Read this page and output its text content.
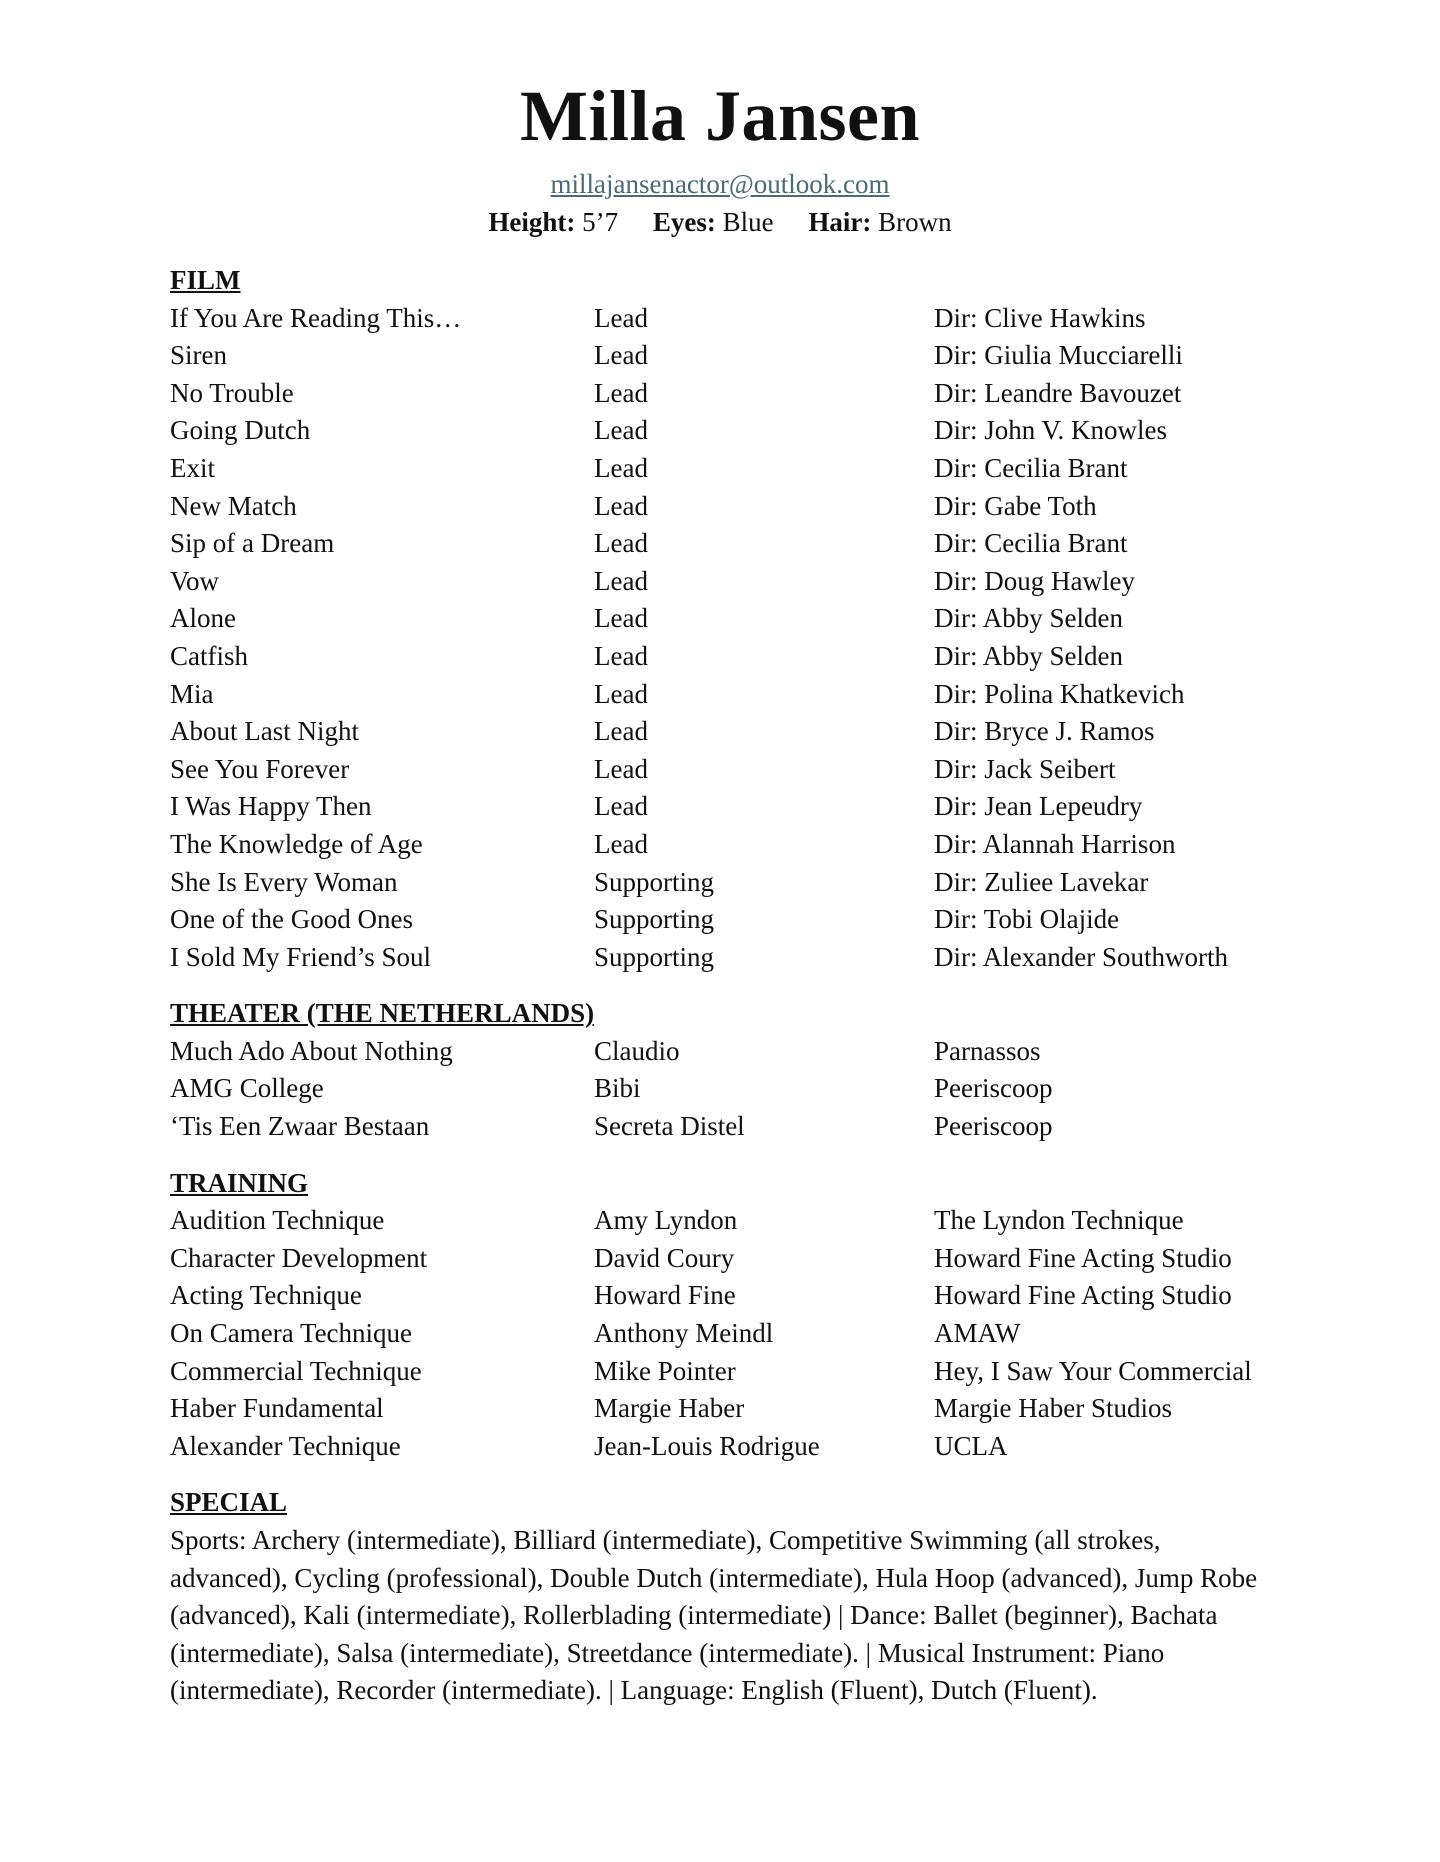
Milla Jansen
millajansenactor@outlook.com
Height: 5’7 Eyes: Blue Hair: Brown
FILM
If You Are Reading This…	Lead	Dir: Clive Hawkins
Siren	Lead	Dir: Giulia Mucciarelli
No Trouble	Lead	Dir: Leandre Bavouzet
Going Dutch	Lead	Dir: John V. Knowles
Exit	Lead	Dir: Cecilia Brant
New Match	Lead	Dir: Gabe Toth
Sip of a Dream	Lead	Dir: Cecilia Brant
Vow	Lead	Dir: Doug Hawley
Alone	Lead	Dir: Abby Selden
Catfish	Lead	Dir: Abby Selden
Mia	Lead	Dir: Polina Khatkevich
About Last Night	Lead	Dir: Bryce J. Ramos
See You Forever	Lead	Dir: Jack Seibert
I Was Happy Then	Lead	Dir: Jean Lepeudry
The Knowledge of Age	Lead	Dir: Alannah Harrison
She Is Every Woman	Supporting	Dir: Zuliee Lavekar
One of the Good Ones	Supporting	Dir: Tobi Olajide
I Sold My Friend’s Soul	Supporting	Dir: Alexander Southworth
THEATER (THE NETHERLANDS)
Much Ado About Nothing	Claudio	Parnassos
AMG College	Bibi	Peeriscoop
‘Tis Een Zwaar Bestaan	Secreta Distel	Peeriscoop
TRAINING
Audition Technique	Amy Lyndon	The Lyndon Technique
Character Development	David Coury	Howard Fine Acting Studio
Acting Technique	Howard Fine	Howard Fine Acting Studio
On Camera Technique	Anthony Meindl	AMAW
Commercial Technique	Mike Pointer	Hey, I Saw Your Commercial
Haber Fundamental	Margie Haber	Margie Haber Studios
Alexander Technique	Jean-Louis Rodrigue	UCLA
SPECIAL
Sports: Archery (intermediate), Billiard (intermediate), Competitive Swimming (all strokes, advanced), Cycling (professional), Double Dutch (intermediate), Hula Hoop (advanced), Jump Robe (advanced), Kali (intermediate), Rollerblading (intermediate) | Dance: Ballet (beginner), Bachata (intermediate), Salsa (intermediate), Streetdance (intermediate). | Musical Instrument: Piano (intermediate), Recorder (intermediate). | Language: English (Fluent), Dutch (Fluent).
